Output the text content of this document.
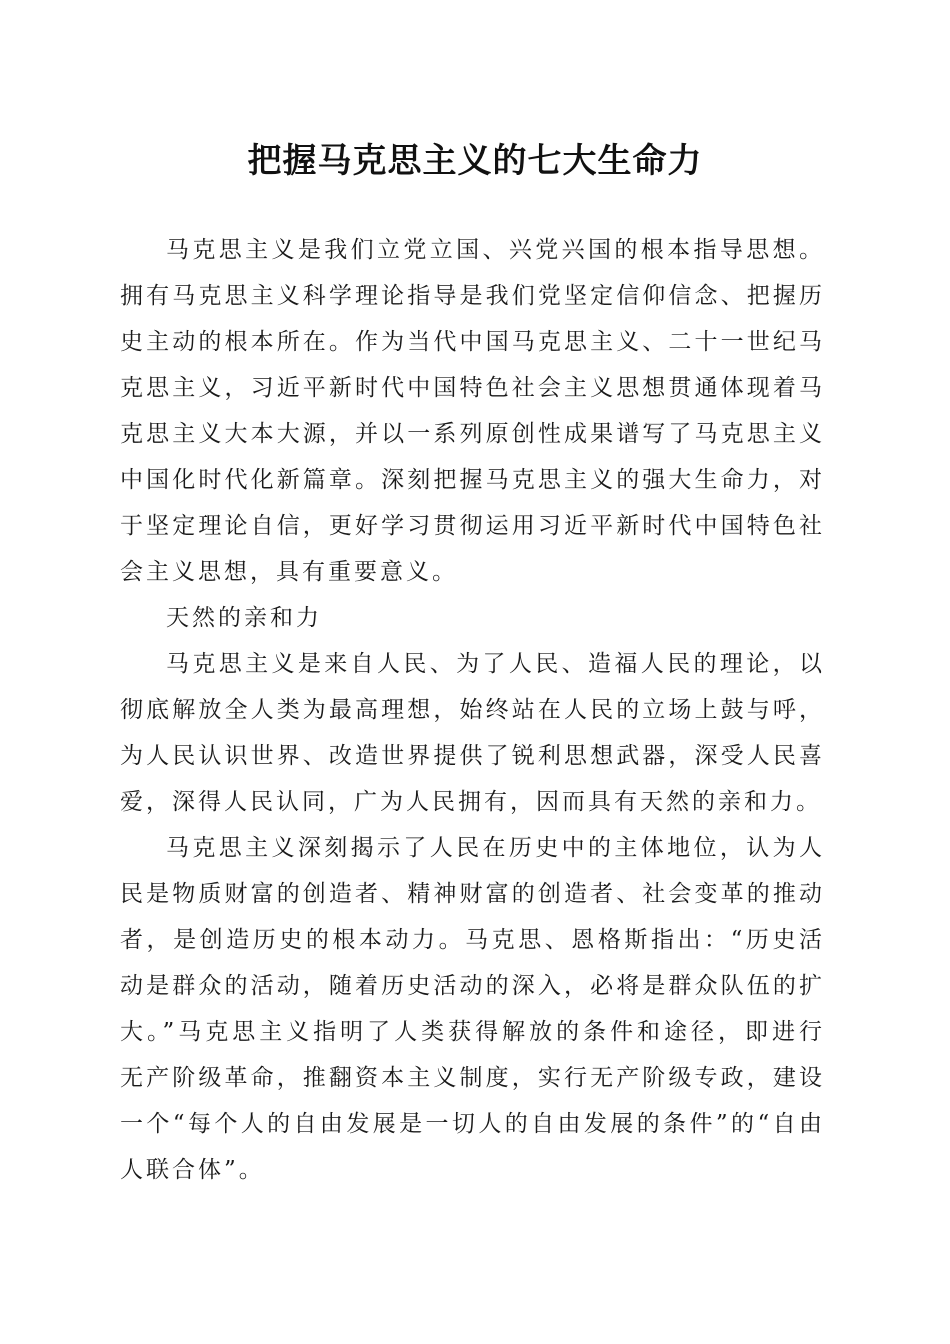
把握马克思主义的七大生命力

马克思主义是我们立党立国、兴党兴国的根本指导思想。拥有马克思主义科学理论指导是我们党坚定信仰信念、把握历史主动的根本所在。作为当代中国马克思主义、二十一世纪马克思主义，习近平新时代中国特色社会主义思想贯通体现着马克思主义大本大源，并以一系列原创性成果谱写了马克思主义中国化时代化新篇章。深刻把握马克思主义的强大生命力，对于坚定理论自信，更好学习贯彻运用习近平新时代中国特色社会主义思想，具有重要意义。

天然的亲和力

马克思主义是来自人民、为了人民、造福人民的理论，以彻底解放全人类为最高理想，始终站在人民的立场上鼓与呼，为人民认识世界、改造世界提供了锐利思想武器，深受人民喜爱，深得人民认同，广为人民拥有，因而具有天然的亲和力。

马克思主义深刻揭示了人民在历史中的主体地位，认为人民是物质财富的创造者、精神财富的创造者、社会变革的推动者，是创造历史的根本动力。马克思、恩格斯指出：“历史活动是群众的活动，随着历史活动的深入，必将是群众队伍的扩大。”马克思主义指明了人类获得解放的条件和途径，即进行无产阶级革命，推翻资本主义制度，实行无产阶级专政，建设一个“每个人的自由发展是一切人的自由发展的条件”的“自由人联合体”。
